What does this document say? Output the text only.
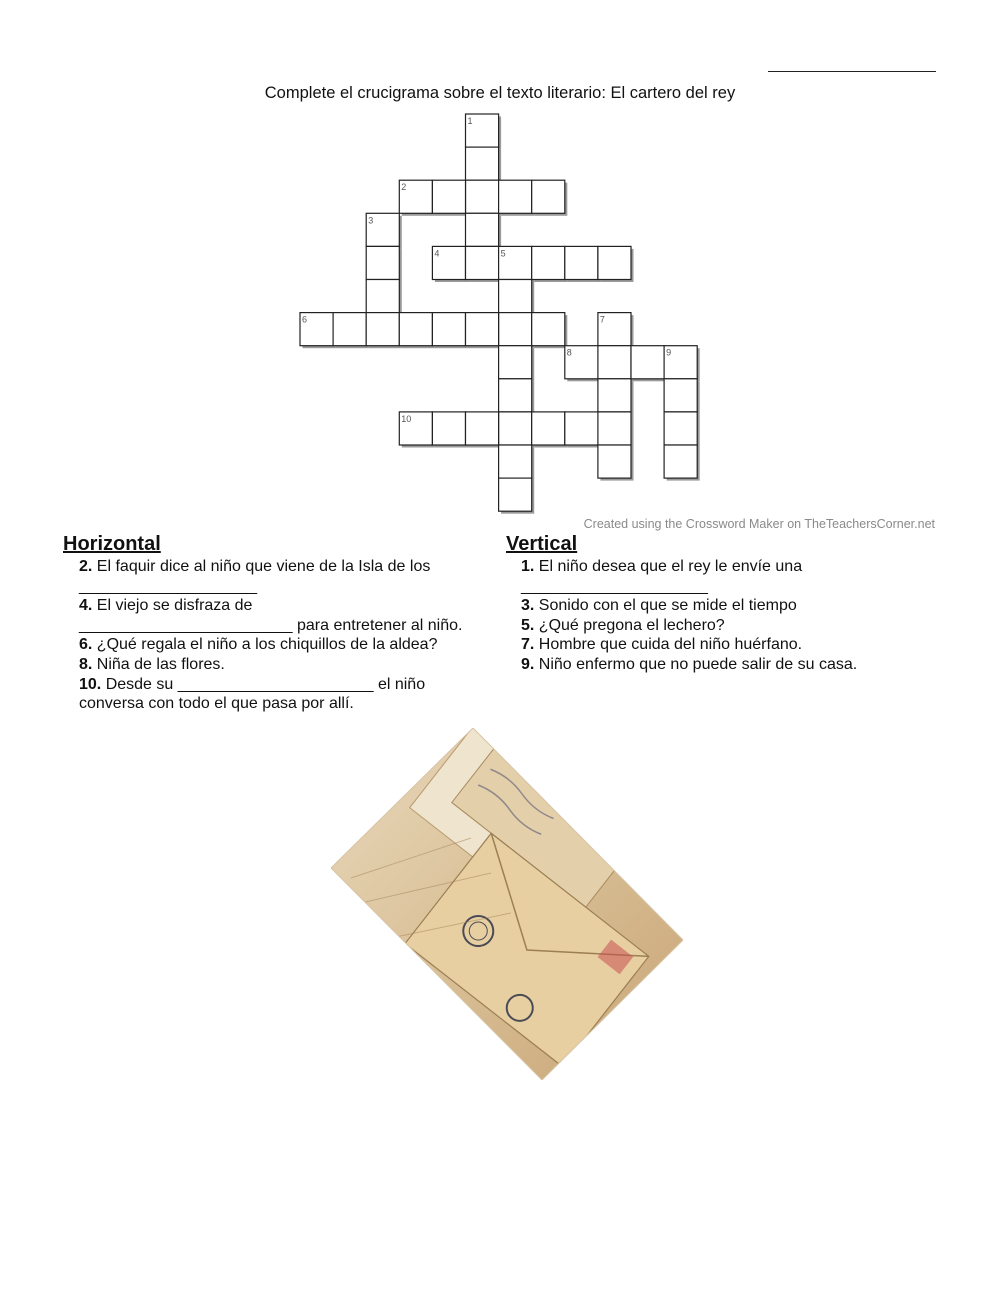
Complete el crucigrama sobre el texto literario: El cartero del rey
1
2
3
4	5
6	7
8	9
10
Created using the Crossword Maker on TheTeachersCorner.net
Horizontal	Vertical

2. El faquir dice al niño que viene de la Isla de los
____________________

4. El viejo se disfraza de
________________________ para entretener al niño.

6. ¿Qué regala el niño a los chiquillos de la aldea?

8. Niña de las flores.

10. Desde su ______________________ el niño
conversa con todo el que pasa por allí.

1. El niño desea que el rey le envíe una
_____________________

3. Sonido con el que se mide el tiempo

5. ¿Qué pregona el lechero?

7. Hombre que cuida del niño huérfano.

9. Niño enfermo que no puede salir de su casa.
